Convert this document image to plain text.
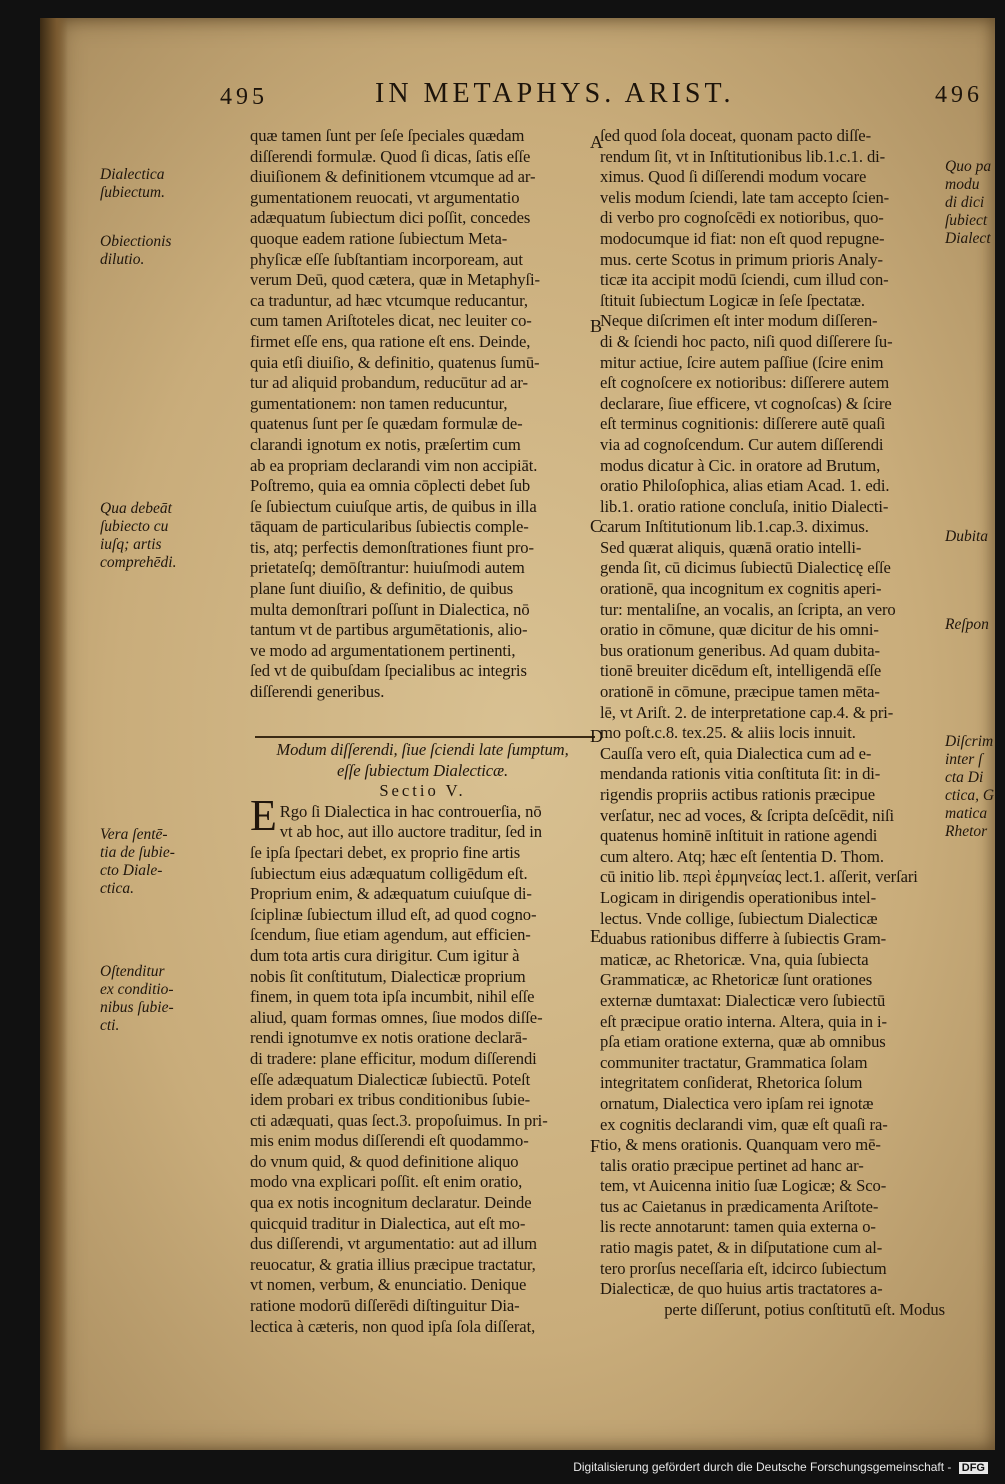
495	IN METAPHYS. ARIST.	496
quæ tamen ſunt per ſeſe ſpeciales quædam
diſſerendi formulæ. Quod ſi dicas, ſatis eſſe
diuiſionem & definitionem vtcumque ad ar-
gumentationem reuocati, vt argumentatio
adæquatum ſubiectum dici poſſit, concedes
quoque eadem ratione ſubiectum Meta-
phyſicæ eſſe ſubſtantiam incorpoream, aut
verum Deū, quod cætera, quæ in Metaphyſi-
ca traduntur, ad hæc vtcumque reducantur,
cum tamen Ariſtoteles dicat, nec leuiter co-
firmet eſſe ens, qua ratione eſt ens. Deinde,
quia etſi diuiſio, & definitio, quatenus ſumū-
tur ad aliquid probandum, reducūtur ad ar-
gumentationem: non tamen reducuntur,
quatenus ſunt per ſe quædam formulæ de-
clarandi ignotum ex notis, præſertim cum
ab ea propriam declarandi vim non accipiāt.
Poſtremo, quia ea omnia cōplecti debet ſub
ſe ſubiectum cuiuſque artis, de quibus in illa
tāquam de particularibus ſubiectis comple-
tis, atq; perfectis demonſtrationes fiunt pro-
prietateſq; demōſtrantur: huiuſmodi autem
plane ſunt diuiſio, & definitio, de quibus
multa demonſtrari poſſunt in Dialectica, nō
tantum vt de partibus argumētationis, alio-
ve modo ad argumentationem pertinenti,
ſed vt de quibuſdam ſpecialibus ac integris
diſſerendi generibus.
Modum diſſerendi, ſiue ſciendi late ſumptum,
eſſe ſubiectum Dialecticæ.
Sectio V.
ERgo ſi Dialectica in hac controuerſia, nō
vt ab hoc, aut illo auctore traditur, ſed in
ſe ipſa ſpectari debet, ex proprio fine artis
ſubiectum eius adæquatum colligēdum eſt.
Proprium enim, & adæquatum cuiuſque di-
ſciplinæ ſubiectum illud eſt, ad quod cogno-
ſcendum, ſiue etiam agendum, aut efficien-
dum tota artis cura dirigitur. Cum igitur à
nobis ſit conſtitutum, Dialecticæ proprium
finem, in quem tota ipſa incumbit, nihil eſſe
aliud, quam formas omnes, ſiue modos diſſe-
rendi ignotumve ex notis oratione declarā-
di tradere: plane efficitur, modum diſſerendi
eſſe adæquatum Dialecticæ ſubiectū. Poteſt
idem probari ex tribus conditionibus ſubie-
cti adæquati, quas ſect.3. propoſuimus. In pri-
mis enim modus diſſerendi eſt quodammo-
do vnum quid, & quod definitione aliquo
modo vna explicari poſſit. eſt enim oratio,
qua ex notis incognitum declaratur. Deinde
quicquid traditur in Dialectica, aut eſt mo-
dus diſſerendi, vt argumentatio: aut ad illum
reuocatur, & gratia illius præcipue tractatur,
vt nomen, verbum, & enunciatio. Denique
ratione modorū diſſerēdi diſtinguitur Dia-
lectica à cæteris, non quod ipſa ſola diſſerat,
ſed quod ſola doceat, quonam pacto diſſe-
rendum ſit, vt in Inſtitutionibus lib.1.c.1. di-
ximus. Quod ſi diſſerendi modum vocare
velis modum ſciendi, late tam accepto ſcien-
di verbo pro cognoſcēdi ex notioribus, quo-
modocumque id fiat: non eſt quod repugne-
mus. certe Scotus in primum prioris Analy-
ticæ ita accipit modū ſciendi, cum illud con-
ſtituit ſubiectum Logicæ in ſeſe ſpectatæ.
Neque diſcrimen eſt inter modum diſſeren-
di & ſciendi hoc pacto, niſi quod diſſerere ſu-
mitur actiue, ſcire autem paſſiue (ſcire enim
eſt cognoſcere ex notioribus: diſſerere autem
declarare, ſiue efficere, vt cognoſcas) & ſcire
eſt terminus cognitionis: diſſerere autē quaſi
via ad cognoſcendum. Cur autem diſſerendi
modus dicatur à Cic. in oratore ad Brutum,
oratio Philoſophica, alias etiam Acad. 1. edi.
lib.1. oratio ratione concluſa, initio Dialecti-
carum Inſtitutionum lib.1.cap.3. diximus.
Sed quærat aliquis, quænā oratio intelli-
genda ſit, cū dicimus ſubiectū Dialecticę eſſe
orationē, qua incognitum ex cognitis aperi-
tur: mentaliſne, an vocalis, an ſcripta, an vero
oratio in cōmune, quæ dicitur de his omni-
bus orationum generibus. Ad quam dubita-
tionē breuiter dicēdum eſt, intelligendā eſſe
orationē in cōmune, præcipue tamen mēta-
lē, vt Ariſt. 2. de interpretatione cap.4. & pri-
mo poſt.c.8. tex.25. & aliis locis innuit.
Cauſſa vero eſt, quia Dialectica cum ad e-
mendanda rationis vitia conſtituta ſit: in di-
rigendis propriis actibus rationis præcipue
verſatur, nec ad voces, & ſcripta deſcēdit, niſi
quatenus hominē inſtituit in ratione agendi
cum altero. Atq; hæc eſt ſententia D. Thom.
cū initio lib. περὶ ἑρμηνείας lect.1. aſſerit, verſari
Logicam in dirigendis operationibus intel-
lectus. Vnde collige, ſubiectum Dialecticæ
duabus rationibus differre à ſubiectis Gram-
maticæ, ac Rhetoricæ. Vna, quia ſubiecta
Grammaticæ, ac Rhetoricæ ſunt orationes
externæ dumtaxat: Dialecticæ vero ſubiectū
eſt præcipue oratio interna. Altera, quia in i-
pſa etiam oratione externa, quæ ab omnibus
communiter tractatur, Grammatica ſolam
integritatem conſiderat, Rhetorica ſolum
ornatum, Dialectica vero ipſam rei ignotæ
ex cognitis declarandi vim, quæ eſt quaſi ra-
tio, & mens orationis. Quanquam vero mē-
talis oratio præcipue pertinet ad hanc ar-
tem, vt Auicenna initio ſuæ Logicæ; & Sco-
tus ac Caietanus in prædicamenta Ariſtote-
lis recte annotarunt: tamen quia externa o-
ratio magis patet, & in diſputatione cum al-
tero prorſus neceſſaria eſt, idcirco ſubiectum
Dialecticæ, de quo huius artis tractatores a-
perte diſſerunt, potius conſtitutū eſt. Modus
Dialectica
ſubiectum.
Obiectionis
dilutio.
Qua debeāt
ſubiecto cu
iuſq; artis
comprehēdi.
Vera ſentē-
tia de ſubie-
cto Diale-
ctica.
Oſtenditur
ex conditio-
nibus ſubie-
cti.
Quo pa
modu
di dici
ſubiect
Dialect
Dubita
Reſpon
Diſcrim
inter ſ
cta Di
ctica, G
matica
Rhetor
A
B
C
D
E
F
Digitalisierung gefördert durch die Deutsche Forschungsgemeinschaft - DFG
